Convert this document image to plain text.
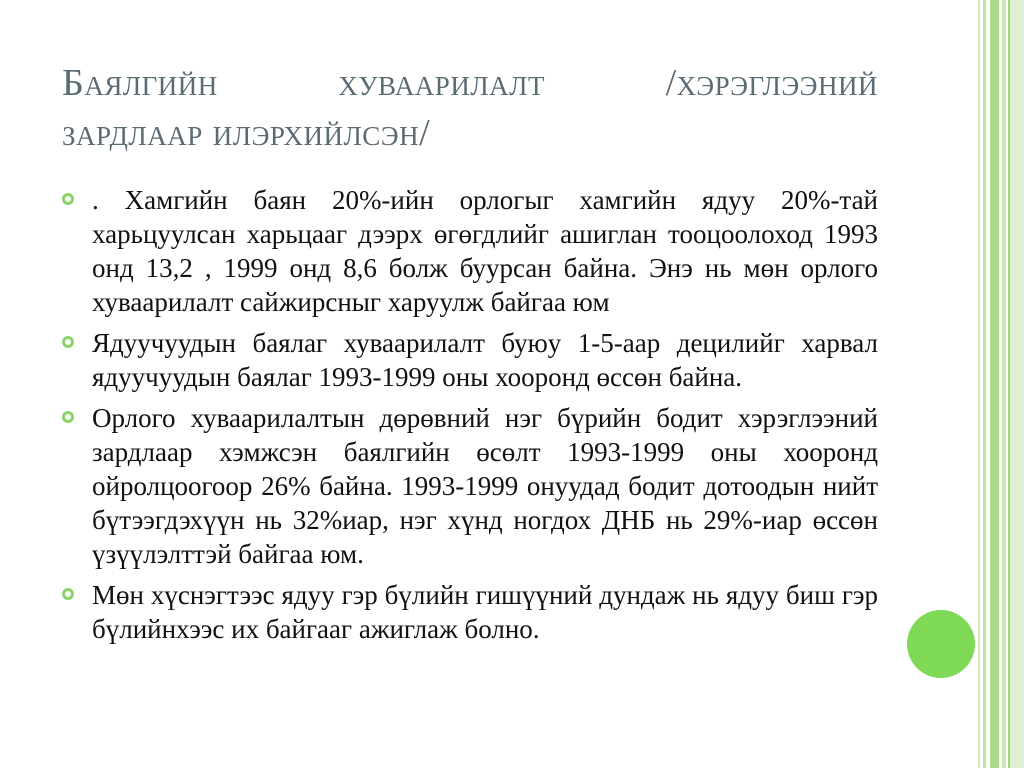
Баялгийн	хуваарилалт	/хэрэглээний
зардлаар илэрхийлсэн/
. Хамгийн баян 20%-ийн орлогыг хамгийн ядуу 20%-тай харьцуулсан харьцааг дээрх өгөгдлийг ашиглан тооцоолоход 1993 онд 13,2 , 1999 онд 8,6 болж буурсан байна. Энэ нь мөн орлого хуваарилалт сайжирсныг харуулж байгаа юм
Ядуучуудын баялаг хуваарилалт буюу 1-5-аар децилийг харвал ядуучуудын баялаг 1993-1999 оны хооронд өссөн байна.
Орлого хуваарилалтын дөрөвний нэг бүрийн бодит хэрэглээний зардлаар хэмжсэн баялгийн өсөлт 1993-1999 оны хооронд ойролцоогоор 26% байна. 1993-1999 онуудад бодит дотоодын нийт бүтээгдэхүүн нь 32%иар, нэг хүнд ногдох ДНБ нь 29%-иар өссөн үзүүлэлттэй байгаа юм.
Мөн хүснэгтээс ядуу гэр бүлийн гишүүний дундаж нь ядуу биш гэр бүлийнхээс их байгааг ажиглаж болно.
